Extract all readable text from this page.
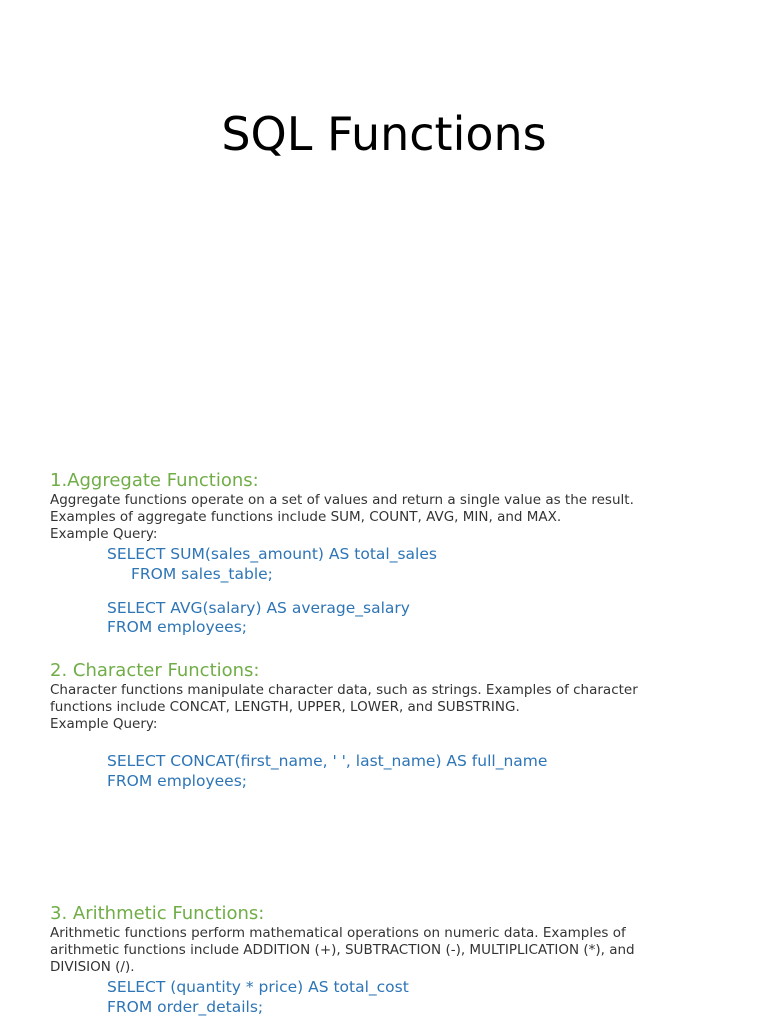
SQL Functions
1.Aggregate Functions:

Aggregate functions operate on a set of values and return a single value as the result.

Examples of aggregate functions include SUM, COUNT, AVG, MIN, and MAX.

Example Query:

SELECT SUM(sales_amount) AS total_sales

FROM sales_table;

SELECT AVG(salary) AS average_salary

FROM employees;

2. Character Functions:

Character functions manipulate character data, such as strings. Examples of character

functions include CONCAT, LENGTH, UPPER, LOWER, and SUBSTRING.

Example Query:

SELECT CONCAT(first_name, ' ', last_name) AS full_name

FROM employees;

3. Arithmetic Functions:

Arithmetic functions perform mathematical operations on numeric data. Examples of

arithmetic functions include ADDITION (+), SUBTRACTION (-), MULTIPLICATION (*), and

DIVISION (/).

SELECT (quantity * price) AS total_cost

FROM order_details;
